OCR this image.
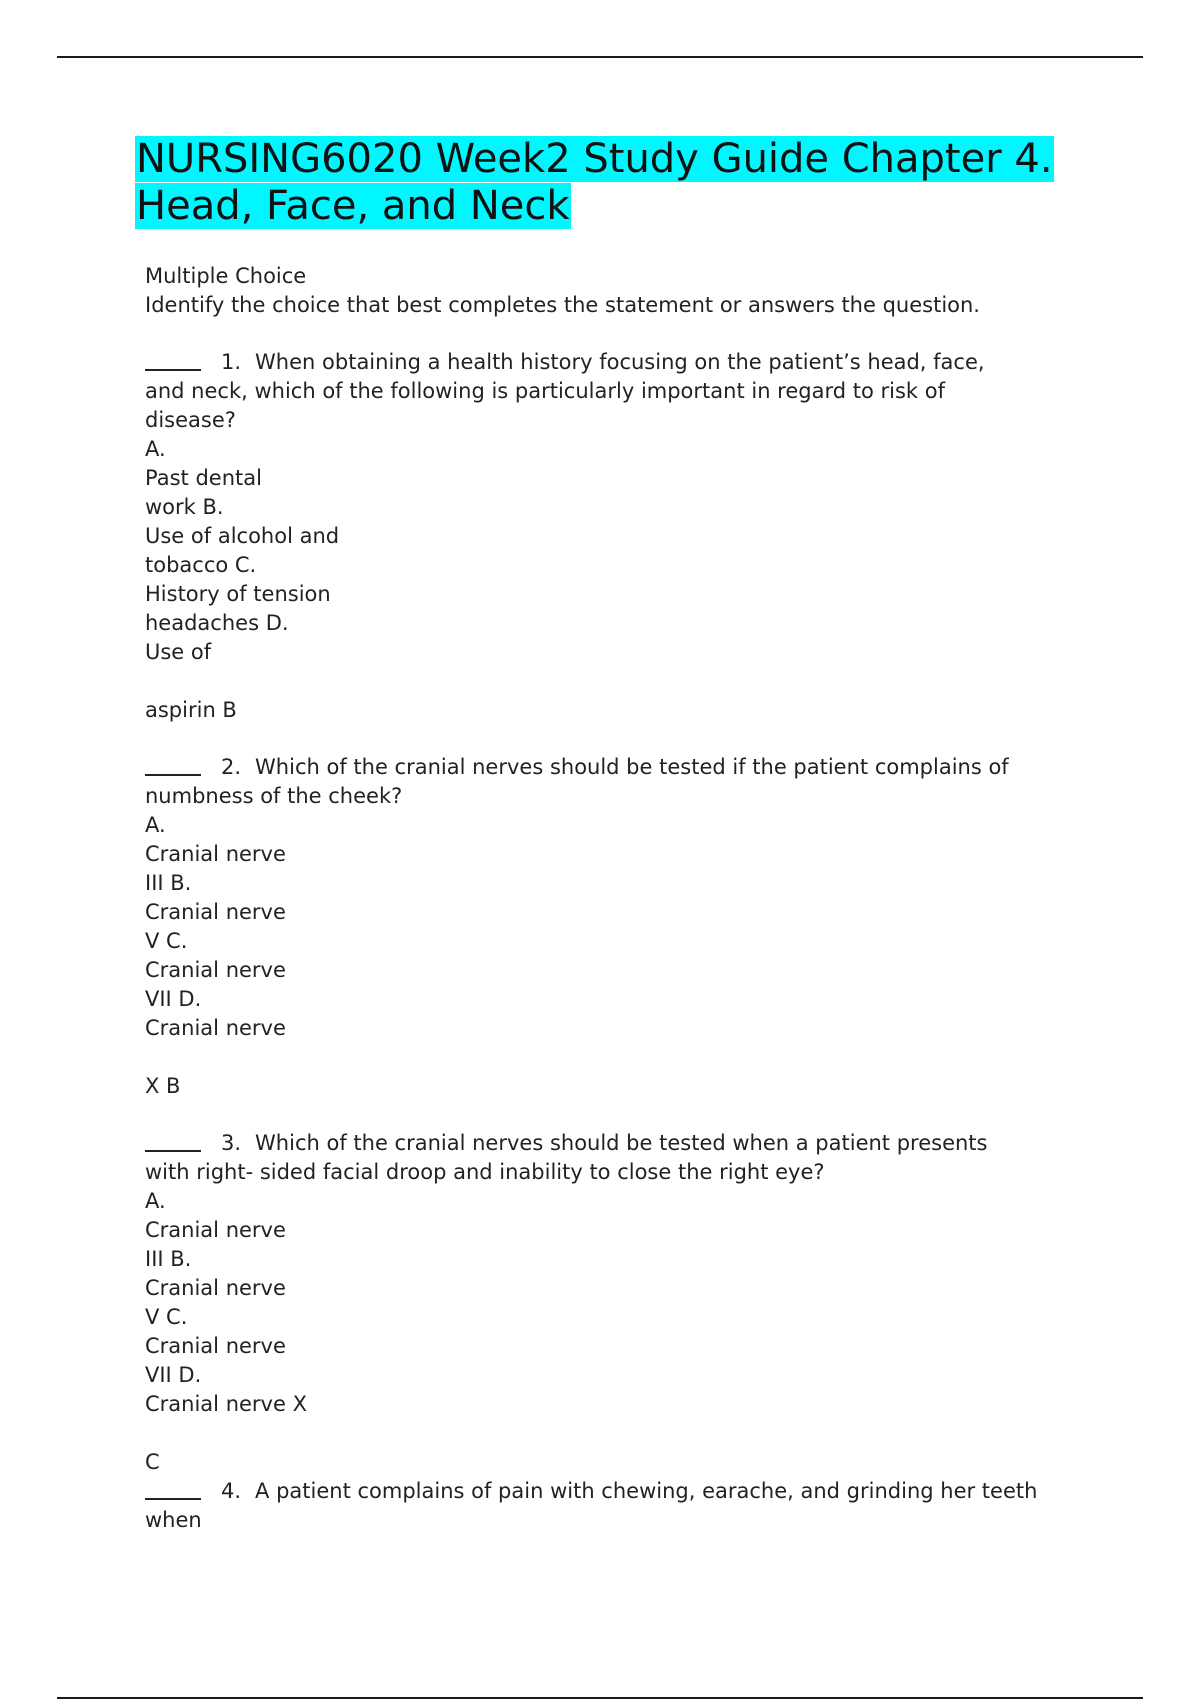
NURSING6020 Week2 Study Guide Chapter 4.
Head, Face, and Neck
Multiple Choice
Identify the choice that best completes the statement or answers the question.
1. When obtaining a health history focusing on the patient’s head, face,
and neck, which of the following is particularly important in regard to risk of
disease?
A.
Past dental
work B.
Use of alcohol and
tobacco C.
History of tension
headaches D.
Use of
aspirin B
2. Which of the cranial nerves should be tested if the patient complains of
numbness of the cheek?
A.
Cranial nerve
III B.
Cranial nerve
V C.
Cranial nerve
VII D.
Cranial nerve
X B
3. Which of the cranial nerves should be tested when a patient presents
with right- sided facial droop and inability to close the right eye?
A.
Cranial nerve
III B.
Cranial nerve
V C.
Cranial nerve
VII D.
Cranial nerve X
C
4. A patient complains of pain with chewing, earache, and grinding her teeth
when
